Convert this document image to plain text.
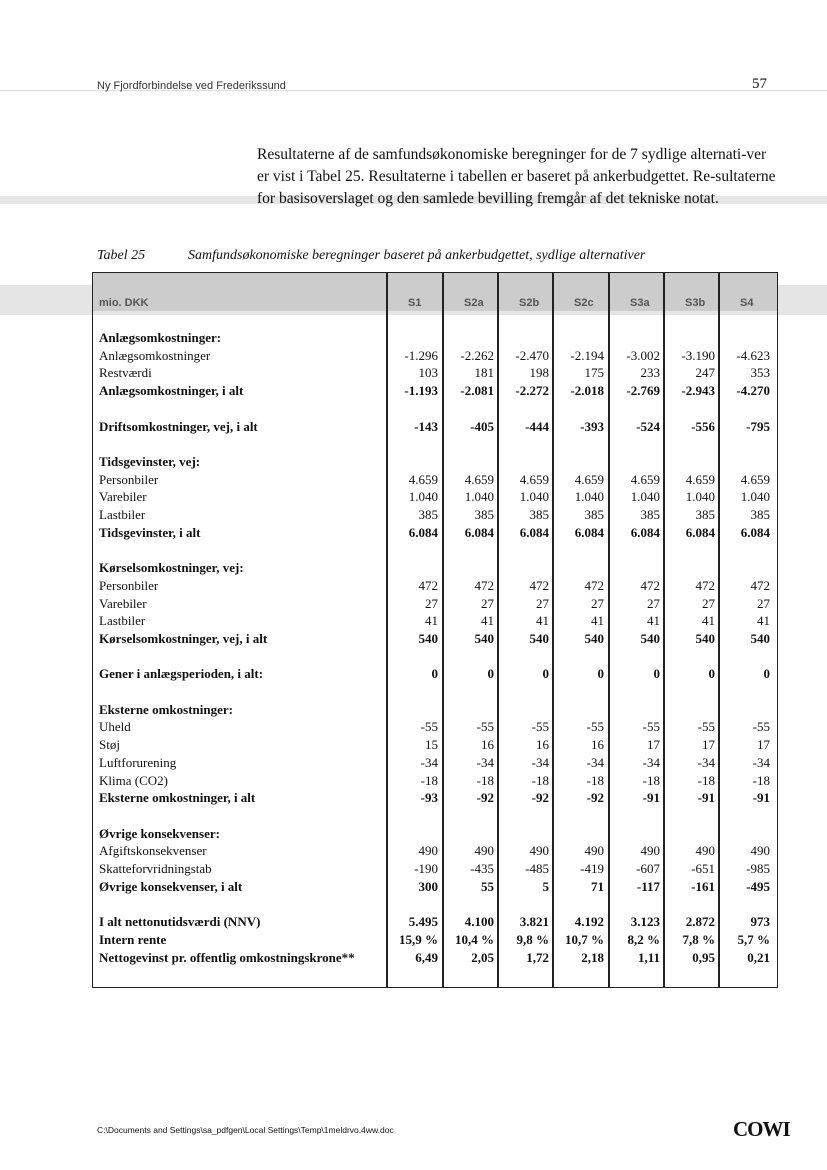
Ny Fjordforbindelse ved Frederikssund	57
Resultaterne af de samfundsøkonomiske beregninger for de 7 sydlige alternati-ver er vist i Tabel 25. Resultaterne i tabellen er baseret på ankerbudgettet. Re-sultaterne for basisoverslaget og den samlede bevilling fremgår af det tekniske notat.
Tabel 25	Samfundsøkonomiske beregninger baseret på ankerbudgettet, sydlige alternativer
mio. DKK	S1	S2a	S2b	S2c	S3a	S3b	S4
Anlægsomkostninger:
Anlægsomkostninger	-1.296	-2.262	-2.470	-2.194	-3.002	-3.190	-4.623
Restværdi	103	181	198	175	233	247	353
Anlægsomkostninger, i alt	-1.193	-2.081	-2.272	-2.018	-2.769	-2.943	-4.270
Driftsomkostninger, vej, i alt	-143	-405	-444	-393	-524	-556	-795
Tidsgevinster, vej:
Personbiler	4.659	4.659	4.659	4.659	4.659	4.659	4.659
Varebiler	1.040	1.040	1.040	1.040	1.040	1.040	1.040
Lastbiler	385	385	385	385	385	385	385
Tidsgevinster, i alt	6.084	6.084	6.084	6.084	6.084	6.084	6.084
Kørselsomkostninger, vej:
Personbiler	472	472	472	472	472	472	472
Varebiler	27	27	27	27	27	27	27
Lastbiler	41	41	41	41	41	41	41
Kørselsomkostninger, vej, i alt	540	540	540	540	540	540	540
Gener i anlægsperioden, i alt:	0	0	0	0	0	0	0
Eksterne omkostninger:
Uheld	-55	-55	-55	-55	-55	-55	-55
Støj	15	16	16	16	17	17	17
Luftforurening	-34	-34	-34	-34	-34	-34	-34
Klima (CO2)	-18	-18	-18	-18	-18	-18	-18
Eksterne omkostninger, i alt	-93	-92	-92	-92	-91	-91	-91
Øvrige konsekvenser:
Afgiftskonsekvenser	490	490	490	490	490	490	490
Skatteforvridningstab	-190	-435	-485	-419	-607	-651	-985
Øvrige konsekvenser, i alt	300	55	5	71	-117	-161	-495
I alt nettonutidsværdi (NNV)	5.495	4.100	3.821	4.192	3.123	2.872	973
Intern rente	15,9 %	10,4 %	9,8 %	10,7 %	8,2 %	7,8 %	5,7 %
Nettogevinst pr. offentlig omkostningskrone**	6,49	2,05	1,72	2,18	1,11	0,95	0,21
C:\Documents and Settings\sa_pdfgen\Local Settings\Temp\1meldrvo.4ww.doc	COWI
